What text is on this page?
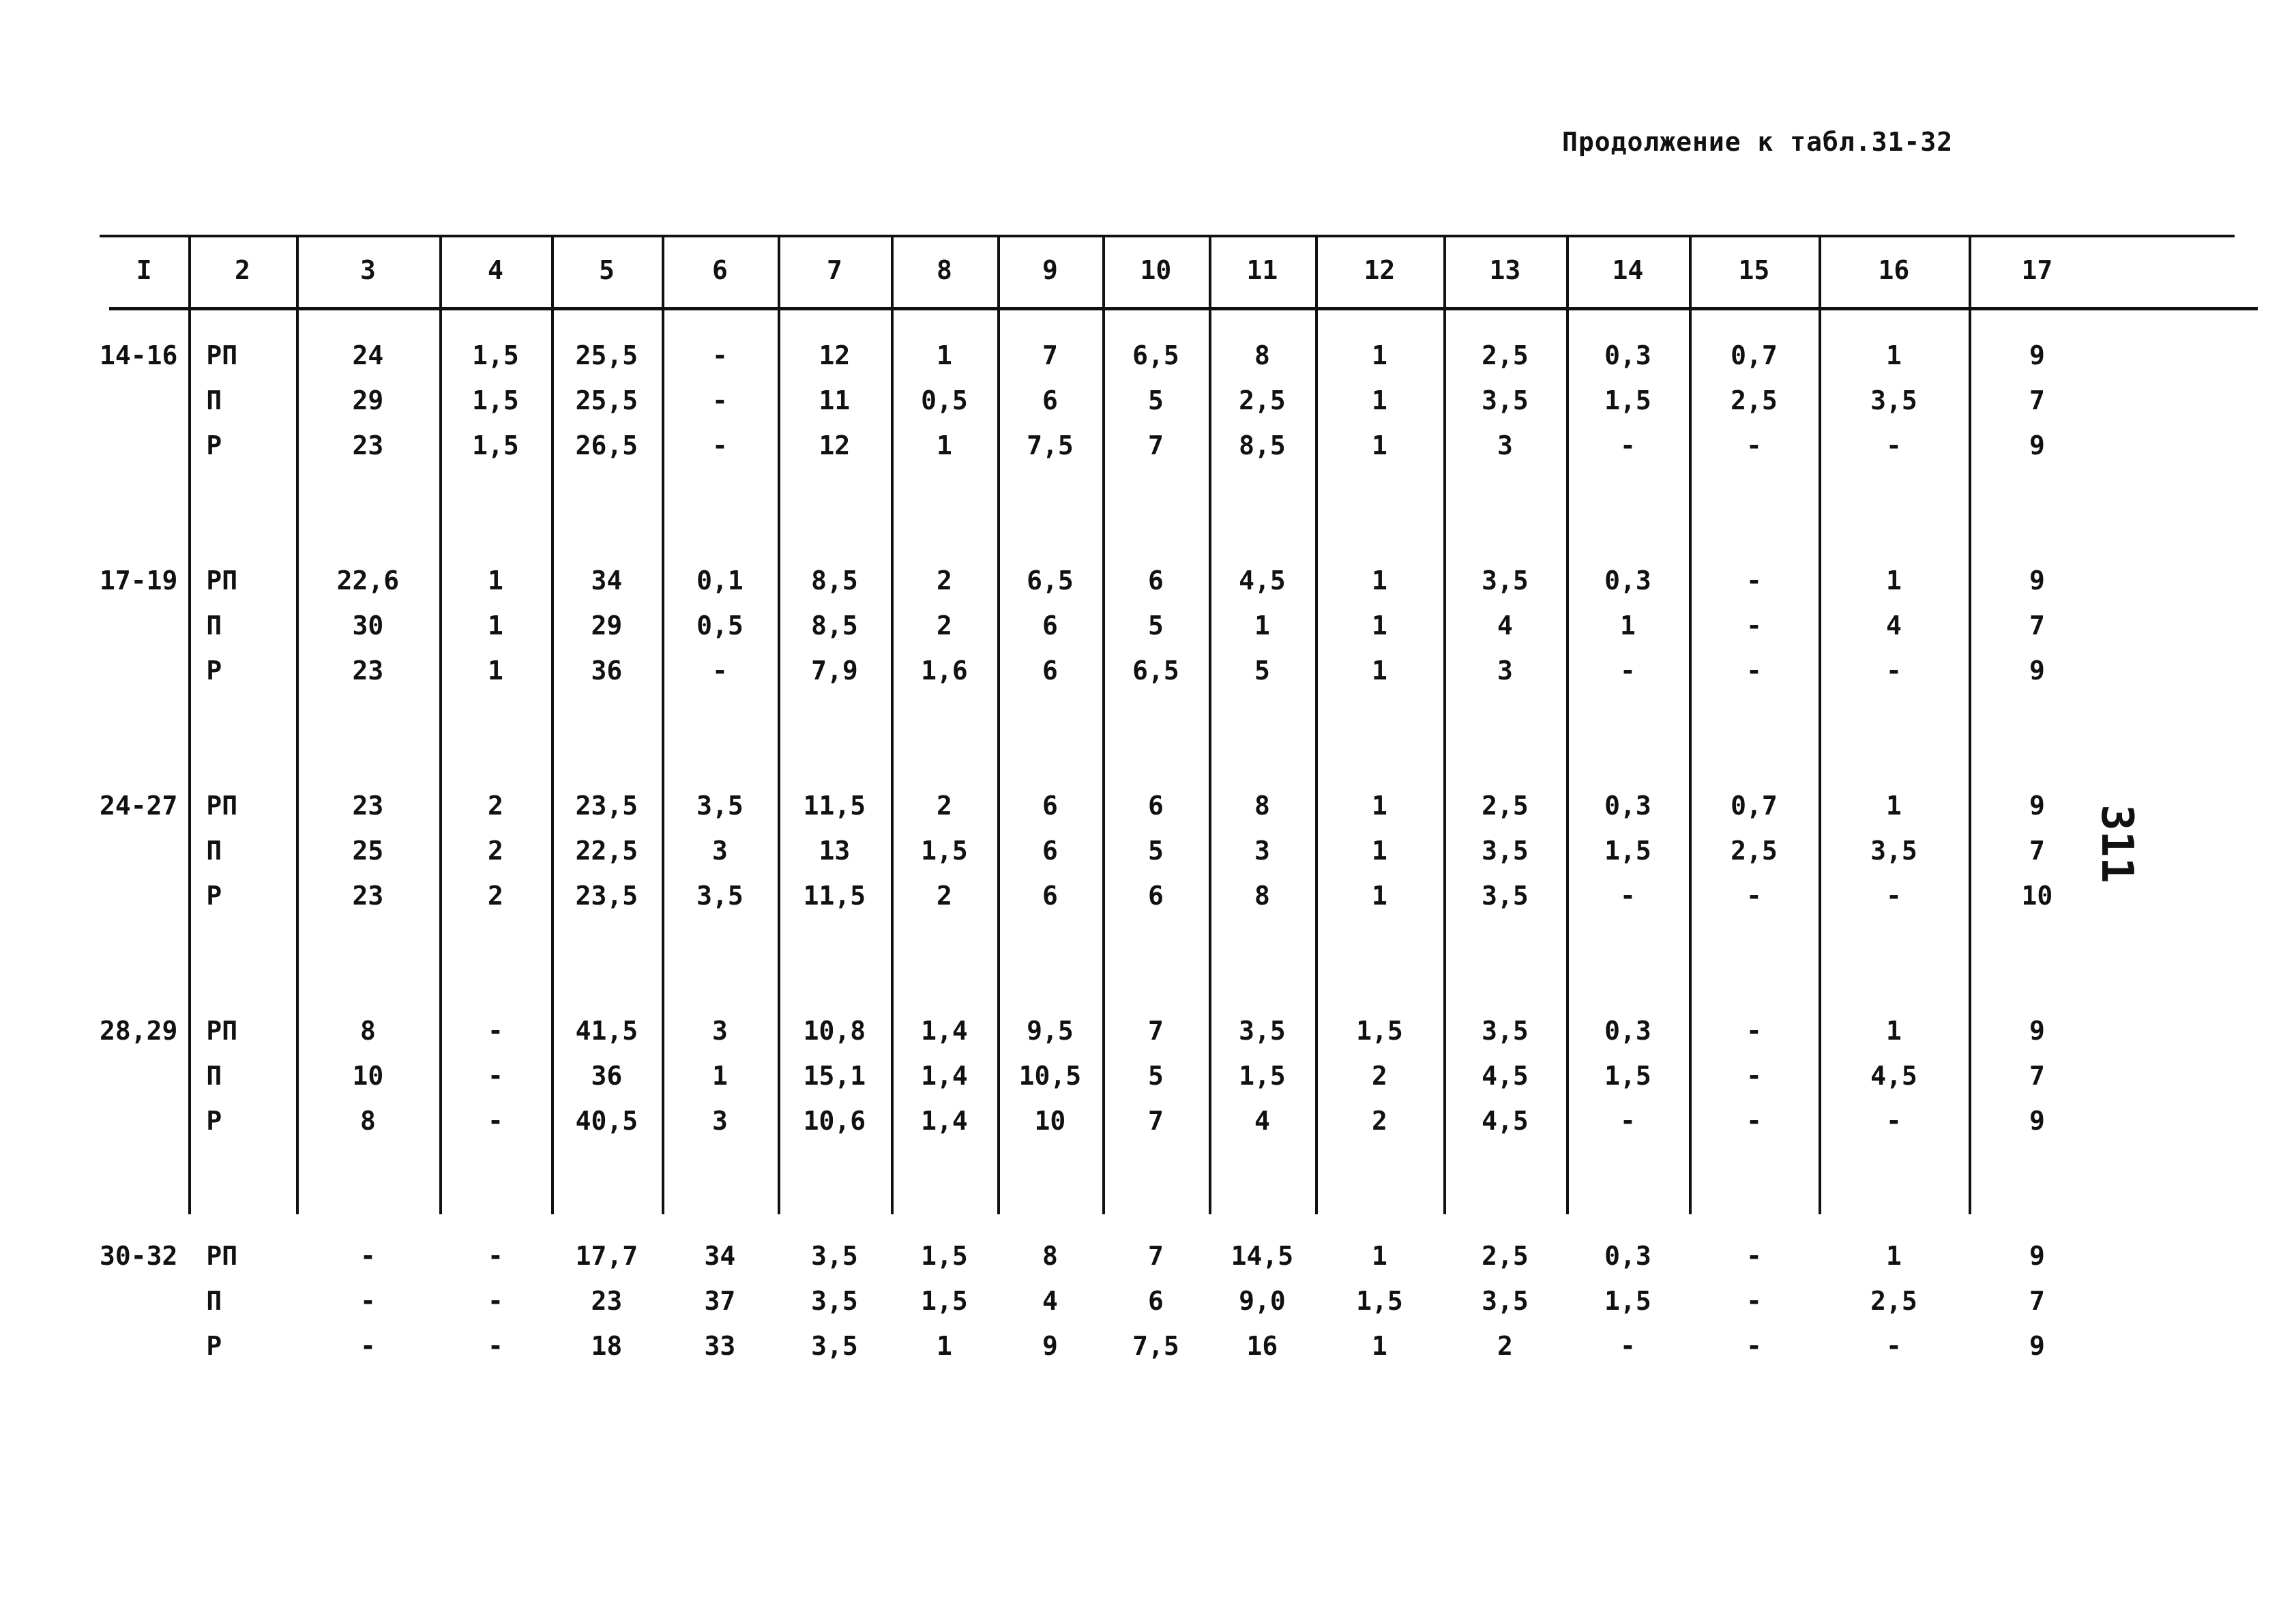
Продолжение к табл.31-32
I	2	3	4	5	6	7	8	9	10	11	12	13	14	15	16	17

14-16	РП	24	1,5	25,5	-	12	1	7	6,5	8	1	2,5	0,3	0,7	1	9
	П	29	1,5	25,5	-	11	0,5	6	5	2,5	1	3,5	1,5	2,5	3,5	7
	Р	23	1,5	26,5	-	12	1	7,5	7	8,5	1	3	-	-	-	9

17-19	РП	22,6	1	34	0,1	8,5	2	6,5	6	4,5	1	3,5	0,3	-	1	9
	П	30	1	29	0,5	8,5	2	6	5	1	1	4	1	-	4	7
	Р	23	1	36	-	7,9	1,6	6	6,5	5	1	3	-	-	-	9

24-27	РП	23	2	23,5	3,5	11,5	2	6	6	8	1	2,5	0,3	0,7	1	9
	П	25	2	22,5	3	13	1,5	6	5	3	1	3,5	1,5	2,5	3,5	7
	Р	23	2	23,5	3,5	11,5	2	6	6	8	1	3,5	-	-	-	10

28,29	РП	8	-	41,5	3	10,8	1,4	9,5	7	3,5	1,5	3,5	0,3	-	1	9
	П	10	-	36	1	15,1	1,4	10,5	5	1,5	2	4,5	1,5	-	4,5	7
	Р	8	-	40,5	3	10,6	1,4	10	7	4	2	4,5	-	-	-	9

30-32	РП	-	-	17,7	34	3,5	1,5	8	7	14,5	1	2,5	0,3	-	1	9
	П	-	-	23	37	3,5	1,5	4	6	9,0	1,5	3,5	1,5	-	2,5	7
	Р	-	-	18	33	3,5	1	9	7,5	16	1	2	-	-	-	9
311
